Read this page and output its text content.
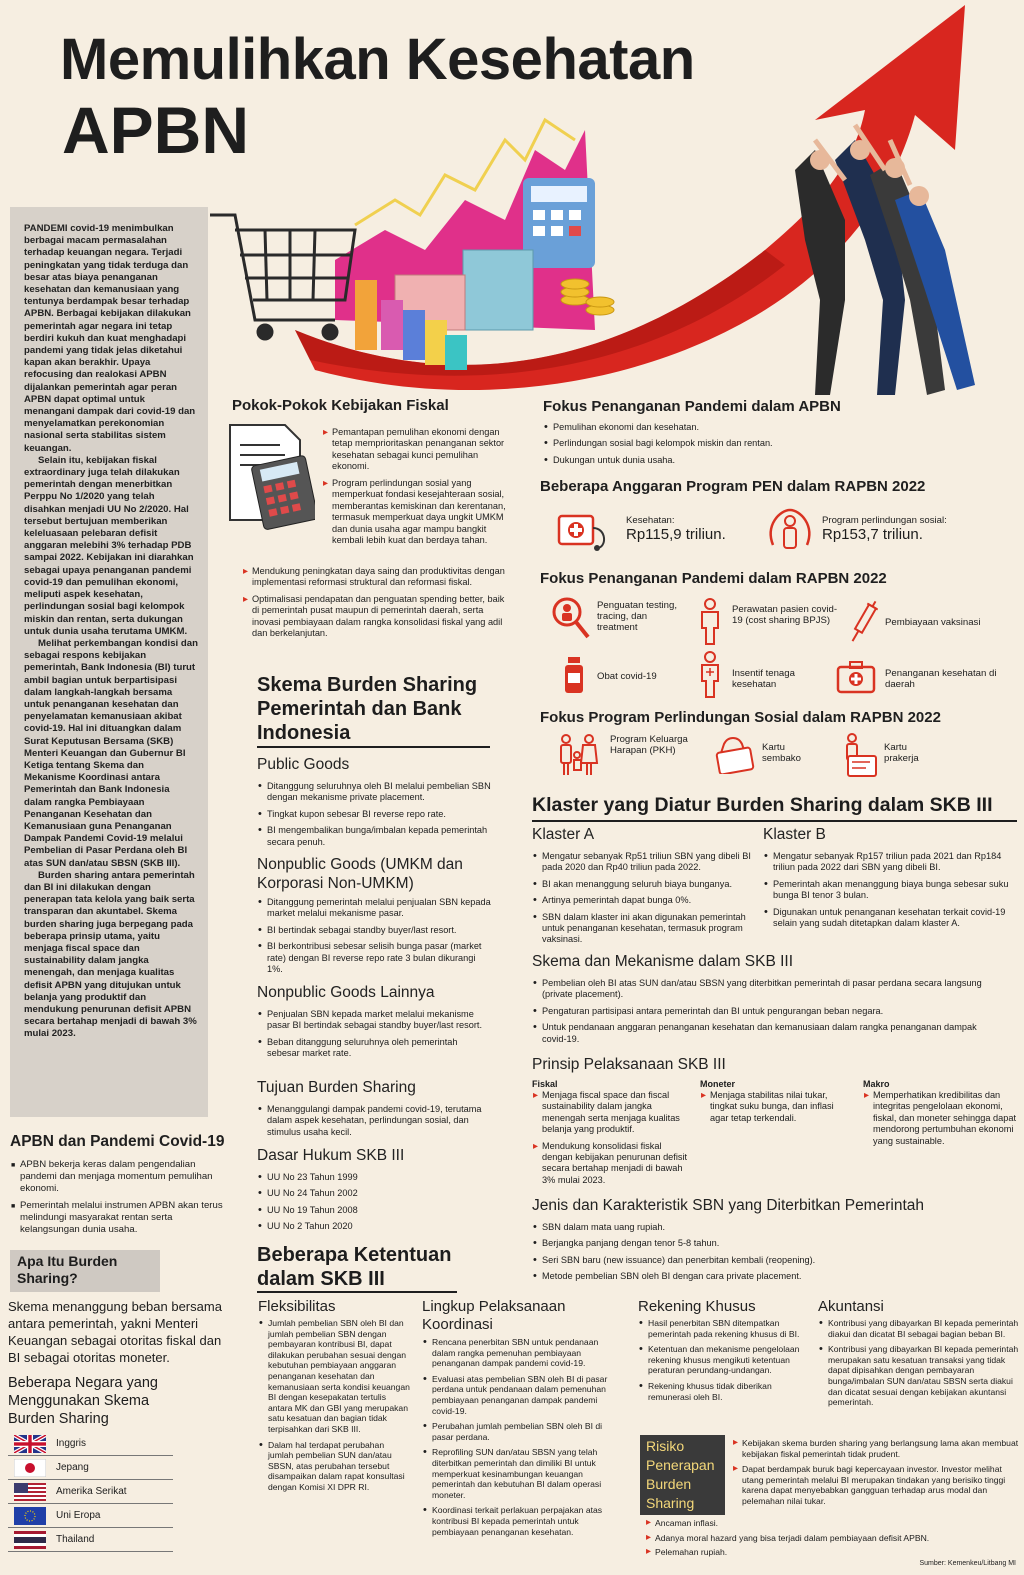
Memulihkan Kesehatan
APBN

PANDEMI covid-19 menimbulkan berbagai macam permasalahan terhadap keuangan negara. Terjadi peningkatan yang tidak terduga dan besar atas biaya penanganan kesehatan dan kemanusiaan yang tentunya berdampak besar terhadap APBN. Berbagai kebijakan dilakukan pemerintah agar negara ini tetap berdiri kukuh dan kuat menghadapi pandemi yang tidak jelas diketahui kapan akan berakhir. Upaya refocusing dan realokasi APBN dijalankan pemerintah agar peran APBN dapat optimal untuk menangani dampak dari covid-19 dan menyelamatkan perekonomian nasional serta stabilitas sistem keuangan.

Selain itu, kebijakan fiskal extraordinary juga telah dilakukan pemerintah dengan menerbitkan Perppu No 1/2020 yang telah disahkan menjadi UU No 2/2020. Hal tersebut bertujuan memberikan keleluasaan pelebaran defisit anggaran melebihi 3% terhadap PDB sampai 2022. Kebijakan ini diarahkan sebagai upaya penanganan pandemi covid-19 dan pemulihan ekonomi, meliputi aspek kesehatan, perlindungan sosial bagi kelompok miskin dan rentan, serta dukungan untuk dunia usaha terutama UMKM.

Melihat perkembangan kondisi dan sebagai respons kebijakan pemerintah, Bank Indonesia (BI) turut ambil bagian untuk berpartisipasi dalam langkah-langkah bersama untuk penanganan kesehatan dan penyelamatan kemanusiaan akibat covid-19. Hal ini dituangkan dalam Surat Keputusan Bersama (SKB) Menteri Keuangan dan Gubernur BI Ketiga tentang Skema dan Mekanisme Koordinasi antara Pemerintah dan Bank Indonesia dalam rangka Pembiayaan Penanganan Kesehatan dan Kemanusiaan guna Penanganan Dampak Pandemi Covid-19 melalui Pembelian di Pasar Perdana oleh BI atas SUN dan/atau SBSN (SKB III).

Burden sharing antara pemerintah dan BI ini dilakukan dengan penerapan tata kelola yang baik serta transparan dan akuntabel. Skema burden sharing juga berpegang pada beberapa prinsip utama, yaitu menjaga fiscal space dan sustainability dalam jangka menengah, dan menjaga kualitas defisit APBN yang ditujukan untuk belanja yang produktif dan mendukung penurunan defisit APBN secara bertahap menjadi di bawah 3% mulai 2023.

APBN dan Pandemi Covid-19
■ APBN bekerja keras dalam pengendalian pandemi dan menjaga momentum pemulihan ekonomi.
■ Pemerintah melalui instrumen APBN akan terus melindungi masyarakat rentan serta kelangsungan dunia usaha.
Apa Itu Burden Sharing?
Skema menanggung beban bersama antara pemerintah, yakni Menteri Keuangan sebagai otoritas fiskal dan BI sebagai otoritas moneter.
Beberapa Negara yang Menggunakan Skema Burden Sharing
Inggris
Jepang
Amerika Serikat
Uni Eropa
Thailand
Pokok-Pokok Kebijakan Fiskal
▸ Pemantapan pemulihan ekonomi dengan tetap memprioritaskan penanganan sektor kesehatan sebagai kunci pemulihan ekonomi.
▸ Program perlindungan sosial yang memperkuat fondasi kesejahteraan sosial, memberantas kemiskinan dan kerentanan, termasuk memperkuat daya ungkit UMKM dan dunia usaha agar mampu bangkit kembali lebih kuat dan berdaya tahan.
▸ Mendukung peningkatan daya saing dan produktivitas dengan implementasi reformasi struktural dan reformasi fiskal.
▸ Optimalisasi pendapatan dan penguatan spending better, baik di pemerintah pusat maupun di pemerintah daerah, serta inovasi pembiayaan dalam rangka konsolidasi fiskal yang adil dan berkelanjutan.
Skema Burden Sharing Pemerintah dan Bank Indonesia
Public Goods
• Ditanggung seluruhnya oleh BI melalui pembelian SBN dengan mekanisme private placement.
• Tingkat kupon sebesar BI reverse repo rate.
• BI mengembalikan bunga/imbalan kepada pemerintah secara penuh.
Nonpublic Goods (UMKM dan Korporasi Non-UMKM)
• Ditanggung pemerintah melalui penjualan SBN kepada market melalui mekanisme pasar.
• BI bertindak sebagai standby buyer/last resort.
• BI berkontribusi sebesar selisih bunga pasar (market rate) dengan BI reverse repo rate 3 bulan dikurangi 1%.
Nonpublic Goods Lainnya
• Penjualan SBN kepada market melalui mekanisme pasar BI bertindak sebagai standby buyer/last resort.
• Beban ditanggung seluruhnya oleh pemerintah sebesar market rate.
Tujuan Burden Sharing
• Menanggulangi dampak pandemi covid-19, terutama dalam aspek kesehatan, perlindungan sosial, dan stimulus usaha kecil.
Dasar Hukum SKB III
• UU No 23 Tahun 1999
• UU No 24 Tahun 2002
• UU No 19 Tahun 2008
• UU No 2 Tahun 2020
Beberapa Ketentuan dalam SKB III
Fleksibilitas
• Jumlah pembelian SBN oleh BI dan jumlah pembelian SBN dengan pembayaran kontribusi BI, dapat dilakukan perubahan sesuai dengan kebutuhan pembiayaan anggaran penanganan kesehatan dan kemanusiaan serta kondisi keuangan BI dengan kesepakatan tertulis antara MK dan GBI yang merupakan satu kesatuan dan bagian tidak terpisahkan dari SKB III.
• Dalam hal terdapat perubahan jumlah pembelian SUN dan/atau SBSN, atas perubahan tersebut disampaikan dalam rapat konsultasi dengan Komisi XI DPR RI.
Lingkup Pelaksanaan Koordinasi
• Rencana penerbitan SBN untuk pendanaan dalam rangka pemenuhan pembiayaan penanganan dampak pandemi covid-19.
• Evaluasi atas pembelian SBN oleh BI di pasar perdana untuk pendanaan dalam pemenuhan pembiayaan penanganan dampak pandemi covid-19.
• Perubahan jumlah pembelian SBN oleh BI di pasar perdana.
• Reprofiling SUN dan/atau SBSN yang telah diterbitkan pemerintah dan dimiliki BI untuk memperkuat kesinambungan keuangan pemerintah dan kebutuhan BI dalam operasi moneter.
• Koordinasi terkait perlakuan perpajakan atas kontribusi BI kepada pemerintah untuk pembiayaan penanganan kesehatan.
Rekening Khusus
• Hasil penerbitan SBN ditempatkan pemerintah pada rekening khusus di BI.
• Ketentuan dan mekanisme pengelolaan rekening khusus mengikuti ketentuan peraturan perundang-undangan.
• Rekening khusus tidak diberikan remunerasi oleh BI.
Akuntansi
• Kontribusi yang dibayarkan BI kepada pemerintah diakui dan dicatat BI sebagai bagian beban BI.
• Kontribusi yang dibayarkan BI kepada pemerintah merupakan satu kesatuan transaksi yang tidak dapat dipisahkan dengan pembayaran bunga/imbalan SUN dan/atau SBSN serta diakui dan dicatat sesuai dengan kebijakan akuntansi pemerintah.
Risiko Penerapan Burden Sharing
▸ Kebijakan skema burden sharing yang berlangsung lama akan membuat kebijakan fiskal pemerintah tidak prudent.
▸ Dapat berdampak buruk bagi kepercayaan investor. Investor melihat utang pemerintah melalui BI merupakan tindakan yang berisiko tinggi karena dapat menyebabkan gangguan terhadap arus modal dan pelemahan nilai tukar.
▸ Ancaman inflasi.
▸ Adanya moral hazard yang bisa terjadi dalam pembiayaan defisit APBN.
▸ Pelemahan rupiah.
Sumber: Kemenkeu/Litbang MI
Fokus Penanganan Pandemi dalam APBN
• Pemulihan ekonomi dan kesehatan.
• Perlindungan sosial bagi kelompok miskin dan rentan.
• Dukungan untuk dunia usaha.
Beberapa Anggaran Program PEN dalam RAPBN 2022
Kesehatan:
Rp115,9 triliun.
Program perlindungan sosial:
Rp153,7 triliun.
Fokus Penanganan Pandemi dalam RAPBN 2022
Penguatan testing, tracing, dan treatment
Perawatan pasien covid-19 (cost sharing BPJS)	Pembiayaan vaksinasi
Obat covid-19	Insentif tenaga kesehatan
Penanganan kesehatan di daerah
Fokus Program Perlindungan Sosial dalam RAPBN 2022
Program Keluarga Harapan (PKH)	Kartu sembako
Kartu prakerja
Klaster yang Diatur Burden Sharing dalam SKB III
Klaster A
• Mengatur sebanyak Rp51 triliun SBN yang dibeli BI pada 2020 dan Rp40 triliun pada 2022.
• BI akan menanggung seluruh biaya bunganya.
• Artinya pemerintah dapat bunga 0%.
• SBN dalam klaster ini akan digunakan pemerintah untuk penanganan kesehatan, termasuk program vaksinasi.
Klaster B
• Mengatur sebanyak Rp157 triliun pada 2021 dan Rp184 triliun pada 2022 dari SBN yang dibeli BI.
• Pemerintah akan menanggung biaya bunga sebesar suku bunga BI tenor 3 bulan.
• Digunakan untuk penanganan kesehatan terkait covid-19 selain yang sudah ditetapkan dalam klaster A.
Skema dan Mekanisme dalam SKB III
• Pembelian oleh BI atas SUN dan/atau SBSN yang diterbitkan pemerintah di pasar perdana secara langsung (private placement).
• Pengaturan partisipasi antara pemerintah dan BI untuk pengurangan beban negara.
• Untuk pendanaan anggaran penanganan kesehatan dan kemanusiaan dalam rangka penanganan dampak covid-19.
Prinsip Pelaksanaan SKB III
Fiskal
▸ Menjaga fiscal space dan fiscal sustainability dalam jangka menengah serta menjaga kualitas belanja yang produktif.
▸ Mendukung konsolidasi fiskal dengan kebijakan penurunan defisit secara bertahap menjadi di bawah 3% mulai 2023.
Moneter
▸ Menjaga stabilitas nilai tukar, tingkat suku bunga, dan inflasi agar tetap terkendali.
Makro
▸ Memperhatikan kredibilitas dan integritas pengelolaan ekonomi, fiskal, dan moneter sehingga dapat mendorong pertumbuhan ekonomi yang sustainable.
Jenis dan Karakteristik SBN yang Diterbitkan Pemerintah
• SBN dalam mata uang rupiah.
• Berjangka panjang dengan tenor 5-8 tahun.
• Seri SBN baru (new issuance) dan penerbitan kembali (reopening).
• Metode pembelian SBN oleh BI dengan cara private placement.
